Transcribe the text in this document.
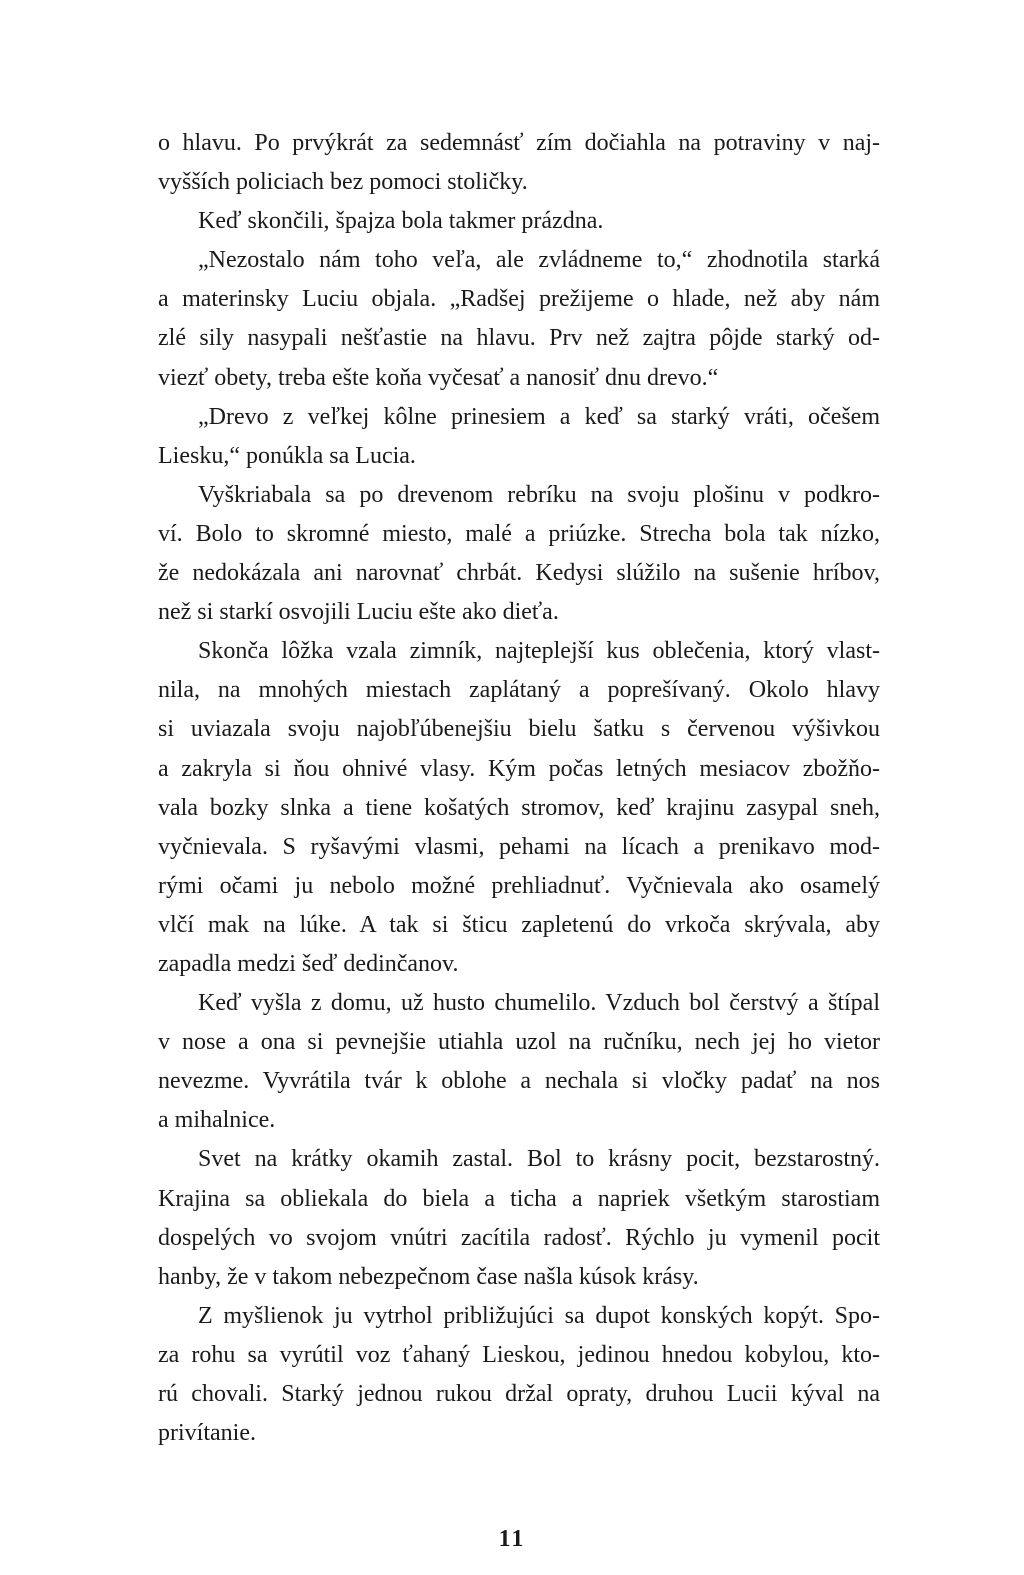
o hlavu. Po prvýkrát za sedemnásť zím dočiahla na potraviny v naj-
vyšších policiach bez pomoci stoličky.
Keď skončili, špajza bola takmer prázdna.
„Nezostalo nám toho veľa, ale zvládneme to,“ zhodnotila starká
a materinsky Luciu objala. „Radšej prežijeme o hlade, než aby nám
zlé sily nasypali nešťastie na hlavu. Prv než zajtra pôjde starký od-
viezť obety, treba ešte koňa vyčesať a nanosiť dnu drevo.“
„Drevo z veľkej kôlne prinesiem a keď sa starký vráti, očešem
Liesku,“ ponúkla sa Lucia.
Vyškriabala sa po drevenom rebríku na svoju plošinu v podkro-
ví. Bolo to skromné miesto, malé a priúzke. Strecha bola tak nízko,
že nedokázala ani narovnať chrbát. Kedysi slúžilo na sušenie hríbov,
než si starkí osvojili Luciu ešte ako dieťa.
Skonča lôžka vzala zimník, najteplejší kus oblečenia, ktorý vlast-
nila, na mnohých miestach zaplátaný a poprešívaný. Okolo hlavy
si uviazala svoju najobľúbenejšiu bielu šatku s červenou výšivkou
a zakryla si ňou ohnivé vlasy. Kým počas letných mesiacov zbožňo-
vala bozky slnka a tiene košatých stromov, keď krajinu zasypal sneh,
vyčnievala. S ryšavými vlasmi, pehami na lícach a prenikavo mod-
rými očami ju nebolo možné prehliadnuť. Vyčnievala ako osamelý
vlčí mak na lúke. A tak si šticu zapletenú do vrkoča skrývala, aby
zapadla medzi šeď dedinčanov.
Keď vyšla z domu, už husto chumelilo. Vzduch bol čerstvý a štípal
v nose a ona si pevnejšie utiahla uzol na ručníku, nech jej ho vietor
nevezme. Vyvrátila tvár k oblohe a nechala si vločky padať na nos
a mihalnice.
Svet na krátky okamih zastal. Bol to krásny pocit, bezstarostný.
Krajina sa obliekala do biela a ticha a napriek všetkým starostiam
dospelých vo svojom vnútri zacítila radosť. Rýchlo ju vymenil pocit
hanby, že v takom nebezpečnom čase našla kúsok krásy.
Z myšlienok ju vytrhol približujúci sa dupot konských kopýt. Spo-
za rohu sa vyrútil voz ťahaný Lieskou, jedinou hnedou kobylou, kto-
rú chovali. Starký jednou rukou držal opraty, druhou Lucii kýval na
privítanie.
11
